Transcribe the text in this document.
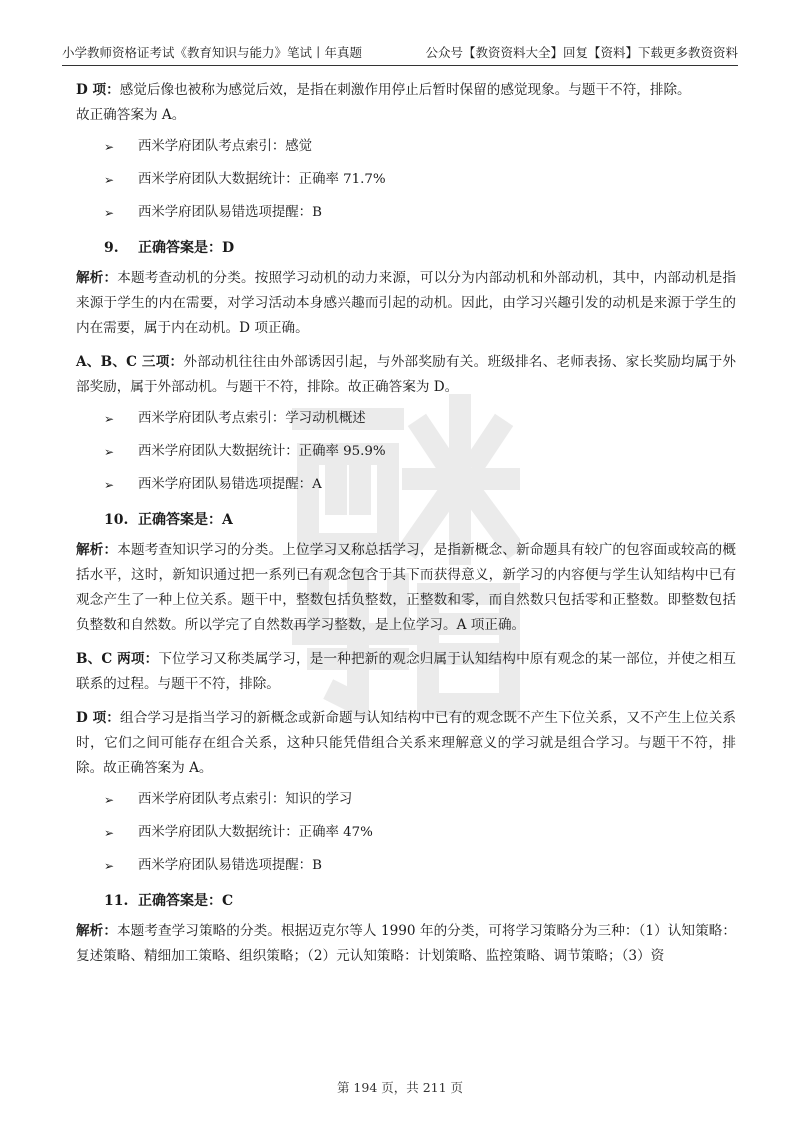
小学教师资格证考试《教育知识与能力》笔试丨年真题	公众号【教资资料大全】回复【资料】下载更多教资资料

D 项：感觉后像也被称为感觉后效，是指在刺激作用停止后暂时保留的感觉现象。与题干不符，排除。
故正确答案为 A。

➢	西米学府团队考点索引：感觉
➢	西米学府团队大数据统计：正确率 71.7%
➢	西米学府团队易错选项提醒：B
9. 正确答案是：D

解析：本题考查动机的分类。按照学习动机的动力来源，可以分为内部动机和外部动机，其中，内部动机是指来源于学生的内在需要，对学习活动本身感兴趣而引起的动机。因此，由学习兴趣引发的动机是来源于学生的内在需要，属于内在动机。D 项正确。

A、B、C 三项：外部动机往往由外部诱因引起，与外部奖励有关。班级排名、老师表扬、家长奖励均属于外部奖励，属于外部动机。与题干不符，排除。故正确答案为 D。

➢	西米学府团队考点索引：学习动机概述
➢	西米学府团队大数据统计：正确率 95.9%
➢	西米学府团队易错选项提醒：A
10. 正确答案是：A

解析：本题考查知识学习的分类。上位学习又称总括学习，是指新概念、新命题具有较广的包容面或较高的概括水平，这时，新知识通过把一系列已有观念包含于其下而获得意义，新学习的内容便与学生认知结构中已有观念产生了一种上位关系。题干中，整数包括负整数，正整数和零，而自然数只包括零和正整数。即整数包括负整数和自然数。所以学完了自然数再学习整数，是上位学习。A 项正确。

B、C 两项：下位学习又称类属学习，是一种把新的观念归属于认知结构中原有观念的某一部位，并使之相互联系的过程。与题干不符，排除。

D 项：组合学习是指当学习的新概念或新命题与认知结构中已有的观念既不产生下位关系，又不产生上位关系时，它们之间可能存在组合关系，这种只能凭借组合关系来理解意义的学习就是组合学习。与题干不符，排除。故正确答案为 A。

➢	西米学府团队考点索引：知识的学习
➢	西米学府团队大数据统计：正确率 47%
➢	西米学府团队易错选项提醒：B
11. 正确答案是：C

解析：本题考查学习策略的分类。根据迈克尔等人 1990 年的分类，可将学习策略分为三种：（1）认知策略：复述策略、精细加工策略、组织策略；（2）元认知策略：计划策略、监控策略、调节策略；（3）资

第 194 页，共 211 页
